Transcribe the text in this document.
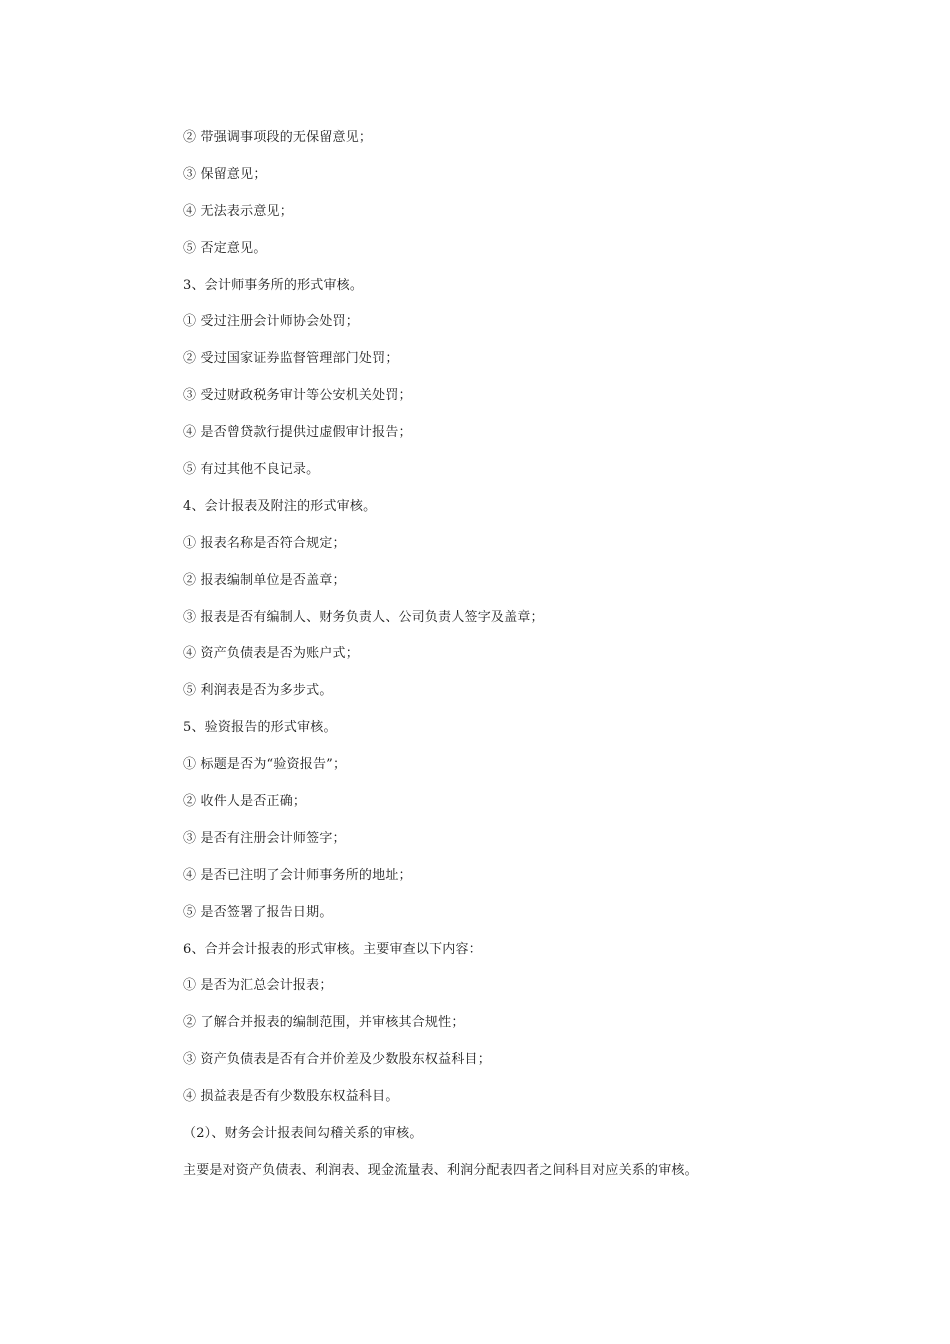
② 带强调事项段的无保留意见；

③ 保留意见；

④ 无法表示意见；

⑤ 否定意见。

3、会计师事务所的形式审核。

① 受过注册会计师协会处罚；

② 受过国家证券监督管理部门处罚；

③ 受过财政税务审计等公安机关处罚；

④ 是否曾贷款行提供过虚假审计报告；

⑤ 有过其他不良记录。

4、会计报表及附注的形式审核。

① 报表名称是否符合规定；

② 报表编制单位是否盖章；

③ 报表是否有编制人、财务负责人、公司负责人签字及盖章；

④ 资产负债表是否为账户式；

⑤ 利润表是否为多步式。

5、验资报告的形式审核。

① 标题是否为“验资报告”；

② 收件人是否正确；

③ 是否有注册会计师签字；

④ 是否已注明了会计师事务所的地址；

⑤ 是否签署了报告日期。

6、合并会计报表的形式审核。主要审查以下内容：

① 是否为汇总会计报表；

② 了解合并报表的编制范围，并审核其合规性；

③ 资产负债表是否有合并价差及少数股东权益科目；

④ 损益表是否有少数股东权益科目。

（2）、财务会计报表间勾稽关系的审核。

主要是对资产负债表、利润表、现金流量表、利润分配表四者之间科目对应关系的审核。
